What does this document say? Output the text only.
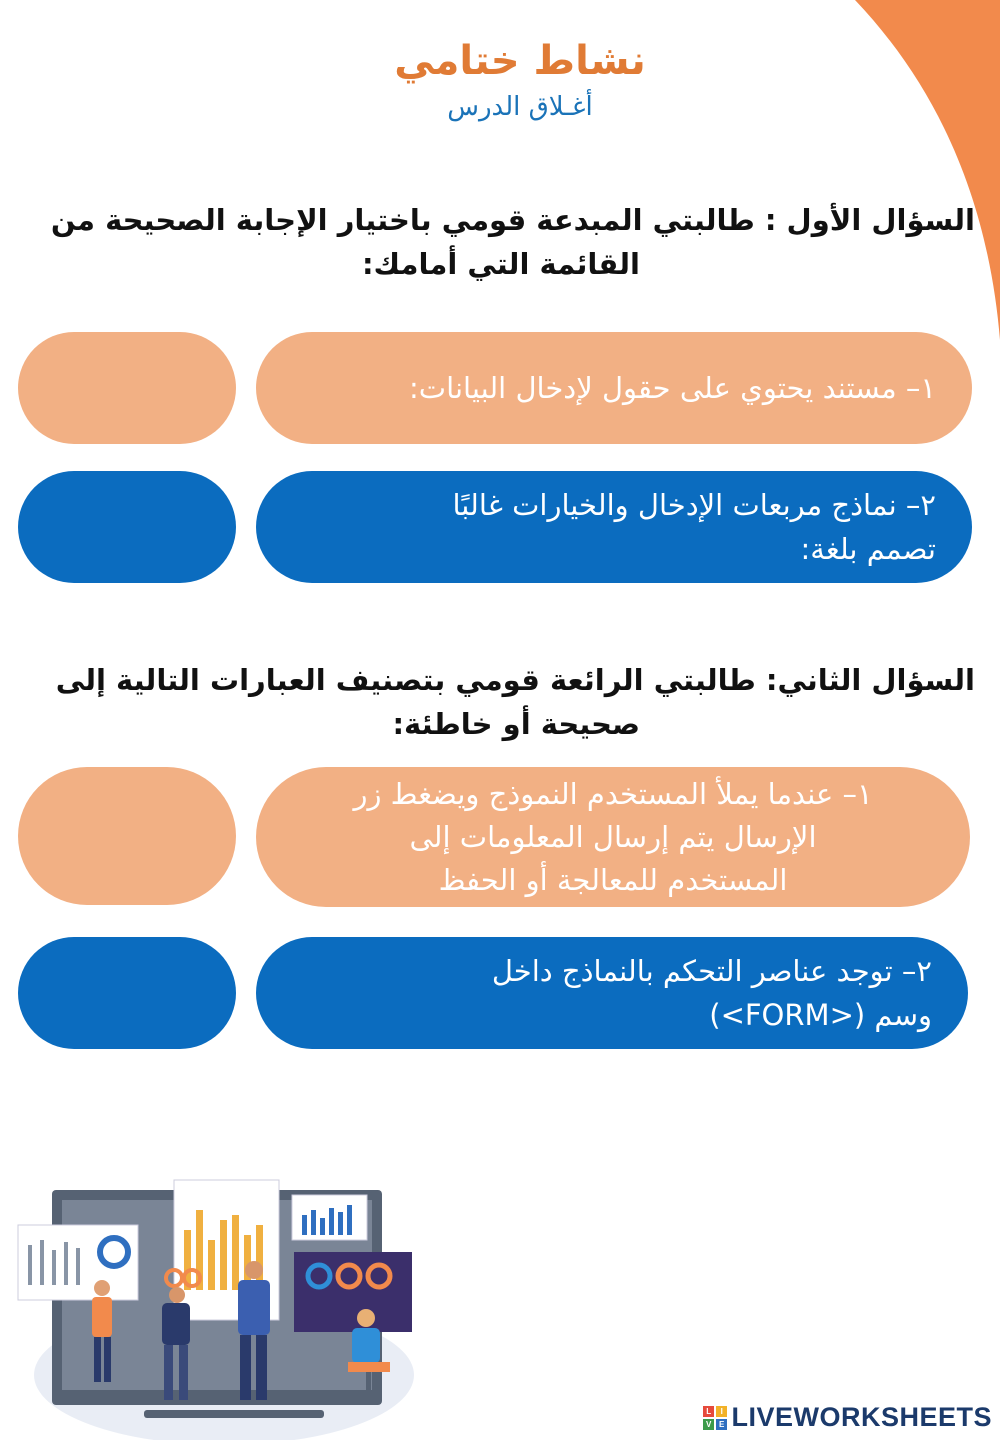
نشاط ختامي
أغـلاق الدرس
السؤال الأول : طالبتي المبدعة قومي باختيار الإجابة الصحيحة من
القائمة التي أمامك:
١– مستند يحتوي على حقول لإدخال البيانات:
٢– نماذج مربعات الإدخال والخيارات غالبًا
تصمم بلغة:
السؤال الثاني: طالبتي الرائعة قومي بتصنيف العبارات التالية إلى
صحيحة أو خاطئة:
١– عندما يملأ المستخدم النموذج ويضغط زر
الإرسال يتم إرسال المعلومات إلى
المستخدم للمعالجة أو الحفظ
٢– توجد عناصر التحكم بالنماذج داخل
وسم (<FORM>)
L	I
V E LIVEWORKSHEETS
